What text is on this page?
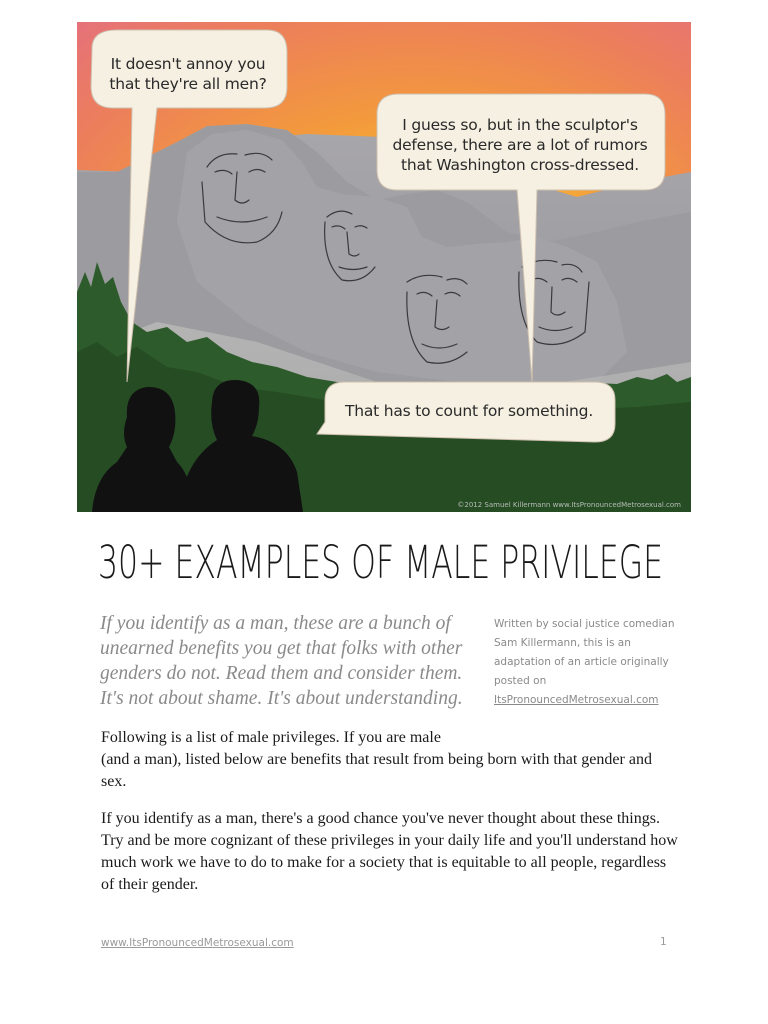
It doesn't annoy you that they're all men?
I guess so, but in the sculptor's defense, there are a lot of rumors that Washington cross-dressed.
That has to count for something.
©2012 Samuel Killermann www.ItsPronouncedMetrosexual.com
30+ EXAMPLES OF MALE PRIVILEGE
If you identify as a man, these are a bunch of unearned benefits you get that folks with other genders do not. Read them and consider them. It's not about shame. It's about understanding.
Written by social justice comedian Sam Killermann, this is an adaptation of an article originally posted on
ItsPronouncedMetrosexual.com
Following is a list of male privileges. If you are male
(and a man), listed below are benefits that result from being born with that gender and sex.
If you identify as a man, there's a good chance you've never thought about these things. Try and be more cognizant of these privileges in your daily life and you'll understand how much work we have to do to make for a society that is equitable to all people, regardless of their gender.
www.ItsPronouncedMetrosexual.com	1
